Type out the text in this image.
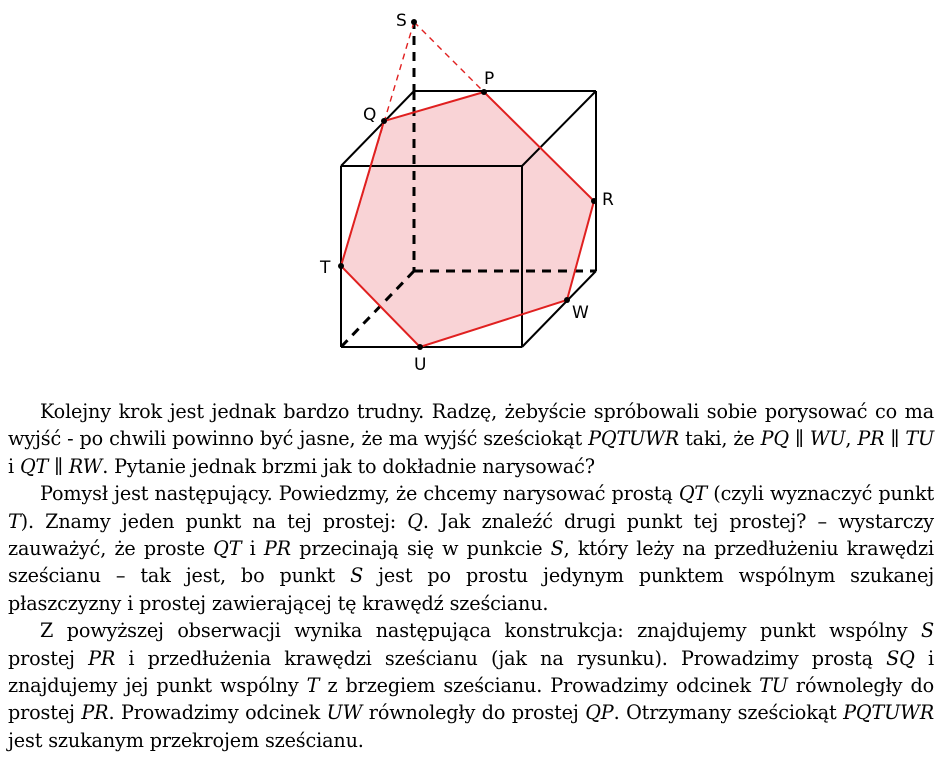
S
P
Q
R
T
U
W

Kolejny krok jest jednak bardzo trudny. Radzę, żebyście spróbowali sobie porysować co ma wyjść - po chwili powinno być jasne, że ma wyjść sześciokąt PQTUWR taki, że PQ ∥ WU, PR ∥ TU i QT ∥ RW. Pytanie jednak brzmi jak to dokładnie narysować?

Pomysł jest następujący. Powiedzmy, że chcemy narysować prostą QT (czyli wyznaczyć punkt T). Znamy jeden punkt na tej prostej: Q. Jak znaleźć drugi punkt tej prostej? – wystarczy zauważyć, że proste QT i PR przecinają się w punkcie S, który leży na przedłużeniu krawędzi sześcianu – tak jest, bo punkt S jest po prostu jedynym punktem wspólnym szukanej płaszczyzny i prostej zawierającej tę krawędź sześcianu.

Z powyższej obserwacji wynika następująca konstrukcja: znajdujemy punkt wspólny S prostej PR i przedłużenia krawędzi sześcianu (jak na rysunku). Prowadzimy prostą SQ i znajdujemy jej punkt wspólny T z brzegiem sześcianu. Prowadzimy odcinek TU równoległy do prostej PR. Prowadzimy odcinek UW równoległy do prostej QP. Otrzymany sześciokąt PQTUWR jest szukanym przekrojem sześcianu.
